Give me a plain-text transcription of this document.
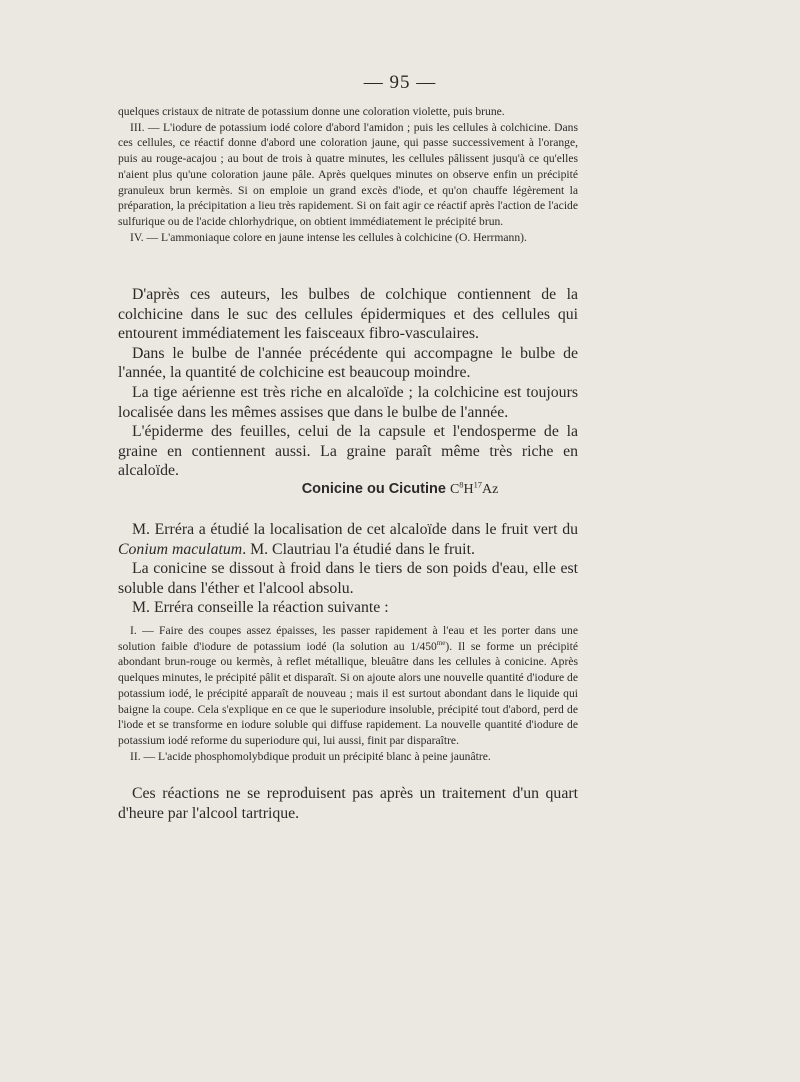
— 95 —

quelques cristaux de nitrate de potassium donne une coloration violette, puis brune.

III. — L'iodure de potassium iodé colore d'abord l'amidon ; puis les cellules à colchicine. Dans ces cellules, ce réactif donne d'abord une coloration jaune, qui passe successivement à l'orange, puis au rouge-acajou ; au bout de trois à quatre minutes, les cellules pâlissent jusqu'à ce qu'elles n'aient plus qu'une coloration jaune pâle. Après quelques minutes on observe enfin un précipité granuleux brun kermès. Si on emploie un grand excès d'iode, et qu'on chauffe légèrement la préparation, la précipitation a lieu très rapidement. Si on fait agir ce réactif après l'action de l'acide sulfurique ou de l'acide chlorhydrique, on obtient immédiatement le précipité brun.

IV. — L'ammoniaque colore en jaune intense les cellules à colchicine (O. Herrmann).

D'après ces auteurs, les bulbes de colchique contiennent de la colchicine dans le suc des cellules épidermiques et des cellules qui entourent immédiatement les faisceaux fibro-vasculaires.

Dans le bulbe de l'année précédente qui accompagne le bulbe de l'année, la quantité de colchicine est beaucoup moindre.

La tige aérienne est très riche en alcaloïde ; la colchicine est toujours localisée dans les mêmes assises que dans le bulbe de l'année.

L'épiderme des feuilles, celui de la capsule et l'endosperme de la graine en contiennent aussi. La graine paraît même très riche en alcaloïde.

Conicine ou Cicutine $C^8H^{17}Az$

M. Erréra a étudié la localisation de cet alcaloïde dans le fruit vert du Conium maculatum. M. Clautriau l'a étudié dans le fruit.

La conicine se dissout à froid dans le tiers de son poids d'eau, elle est soluble dans l'éther et l'alcool absolu.

M. Erréra conseille la réaction suivante :

I. — Faire des coupes assez épaisses, les passer rapidement à l'eau et les porter dans une solution faible d'iodure de potassium iodé (la solution au $1/450^{me}$). Il se forme un précipité abondant brun-rouge ou kermès, à reflet métallique, bleuâtre dans les cellules à conicine. Après quelques minutes, le précipité pâlit et disparaît. Si on ajoute alors une nouvelle quantité d'iodure de potassium iodé, le précipité apparaît de nouveau ; mais il est surtout abondant dans le liquide qui baigne la coupe. Cela s'explique en ce que le superiodure insoluble, précipité tout d'abord, perd de l'iode et se transforme en iodure soluble qui diffuse rapidement. La nouvelle quantité d'iodure de potassium iodé reforme du superiodure qui, lui aussi, finit par disparaître.

II. — L'acide phosphomolybdique produit un précipité blanc à peine jaunâtre.

Ces réactions ne se reproduisent pas après un traitement d'un quart d'heure par l'alcool tartrique.
